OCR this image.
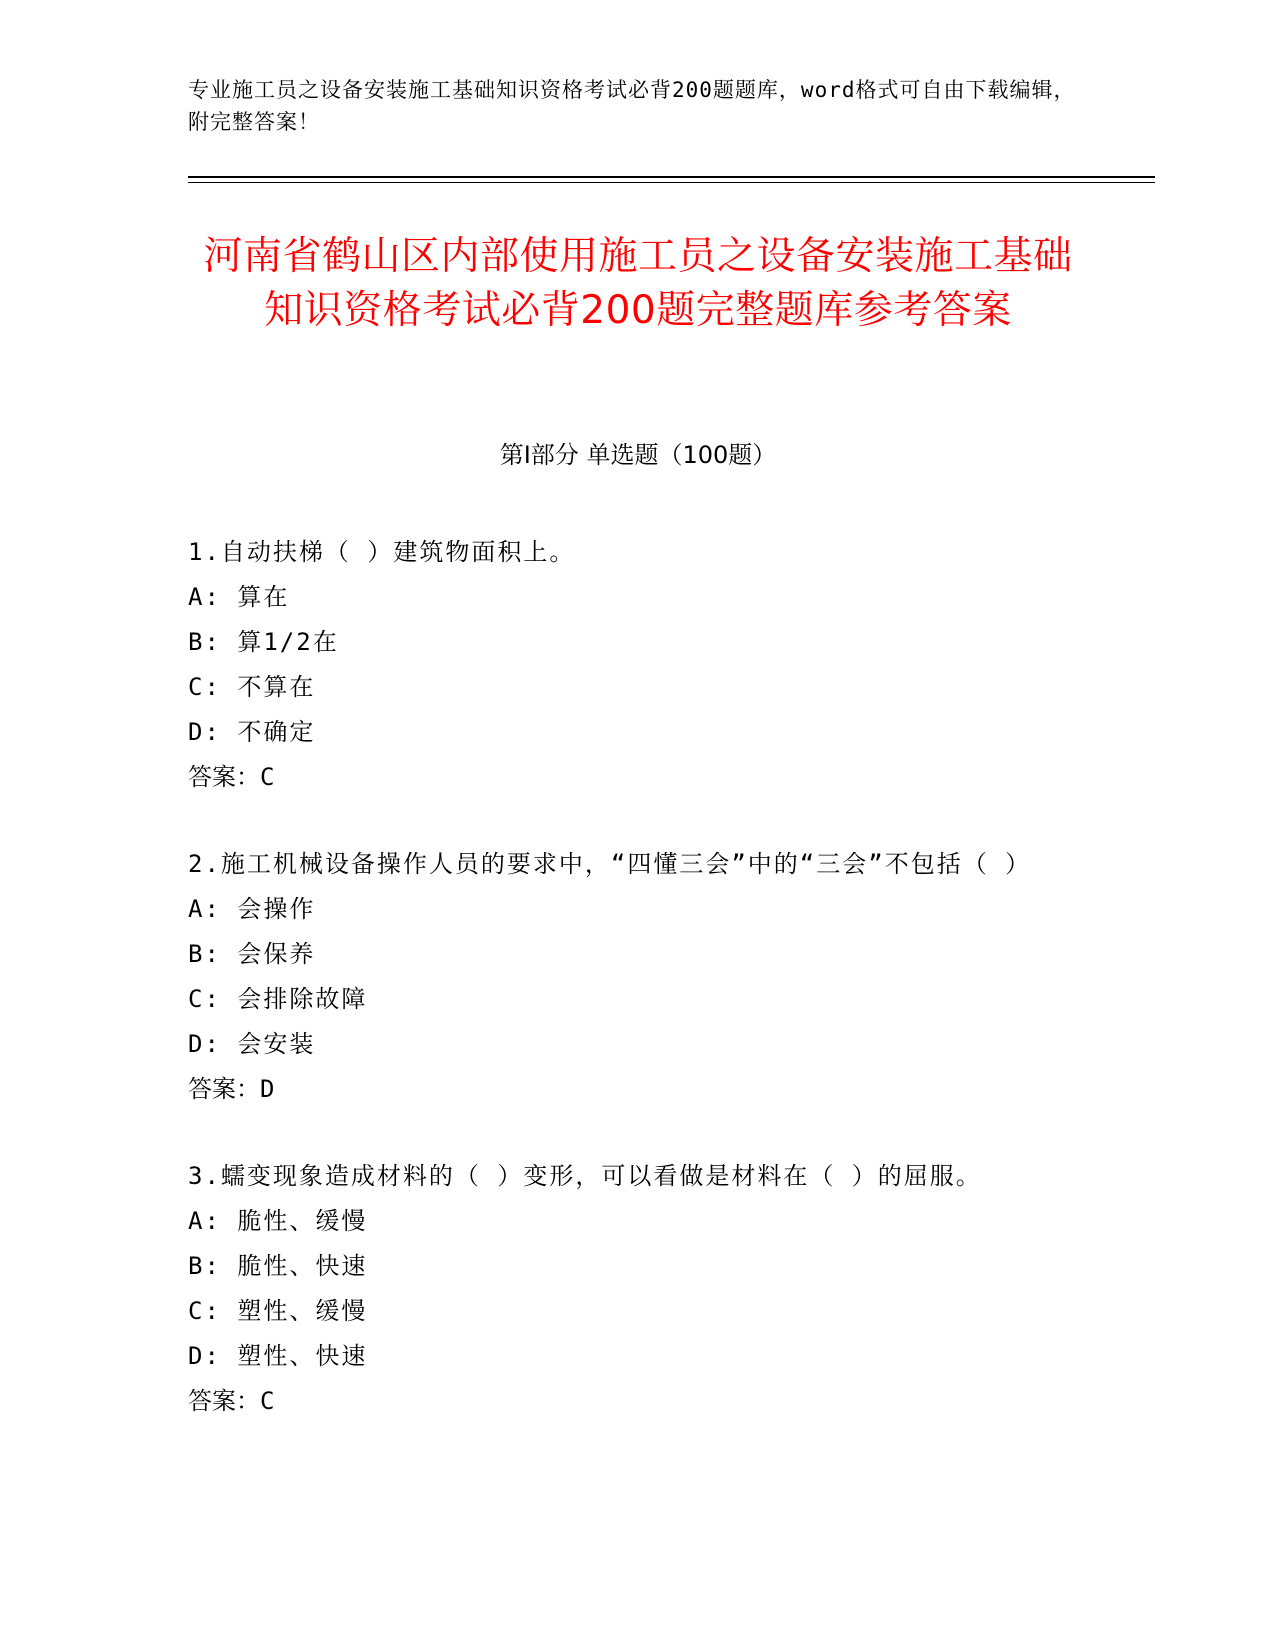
专业施工员之设备安装施工基础知识资格考试必背200题题库，word格式可自由下载编辑，附完整答案！
河南省鹤山区内部使用施工员之设备安装施工基础知识资格考试必背200题完整题库参考答案
第Ⅰ部分 单选题（100题）
1.自动扶梯（ ）建筑物面积上。
A: 算在
B: 算1/2在
C: 不算在
D: 不确定
答案：C
2.施工机械设备操作人员的要求中，“四懂三会”中的“三会”不包括（ ）
A: 会操作
B: 会保养
C: 会排除故障
D: 会安装
答案：D
3.蠕变现象造成材料的（ ）变形，可以看做是材料在（ ）的屈服。
A: 脆性、缓慢
B: 脆性、快速
C: 塑性、缓慢
D: 塑性、快速
答案：C
